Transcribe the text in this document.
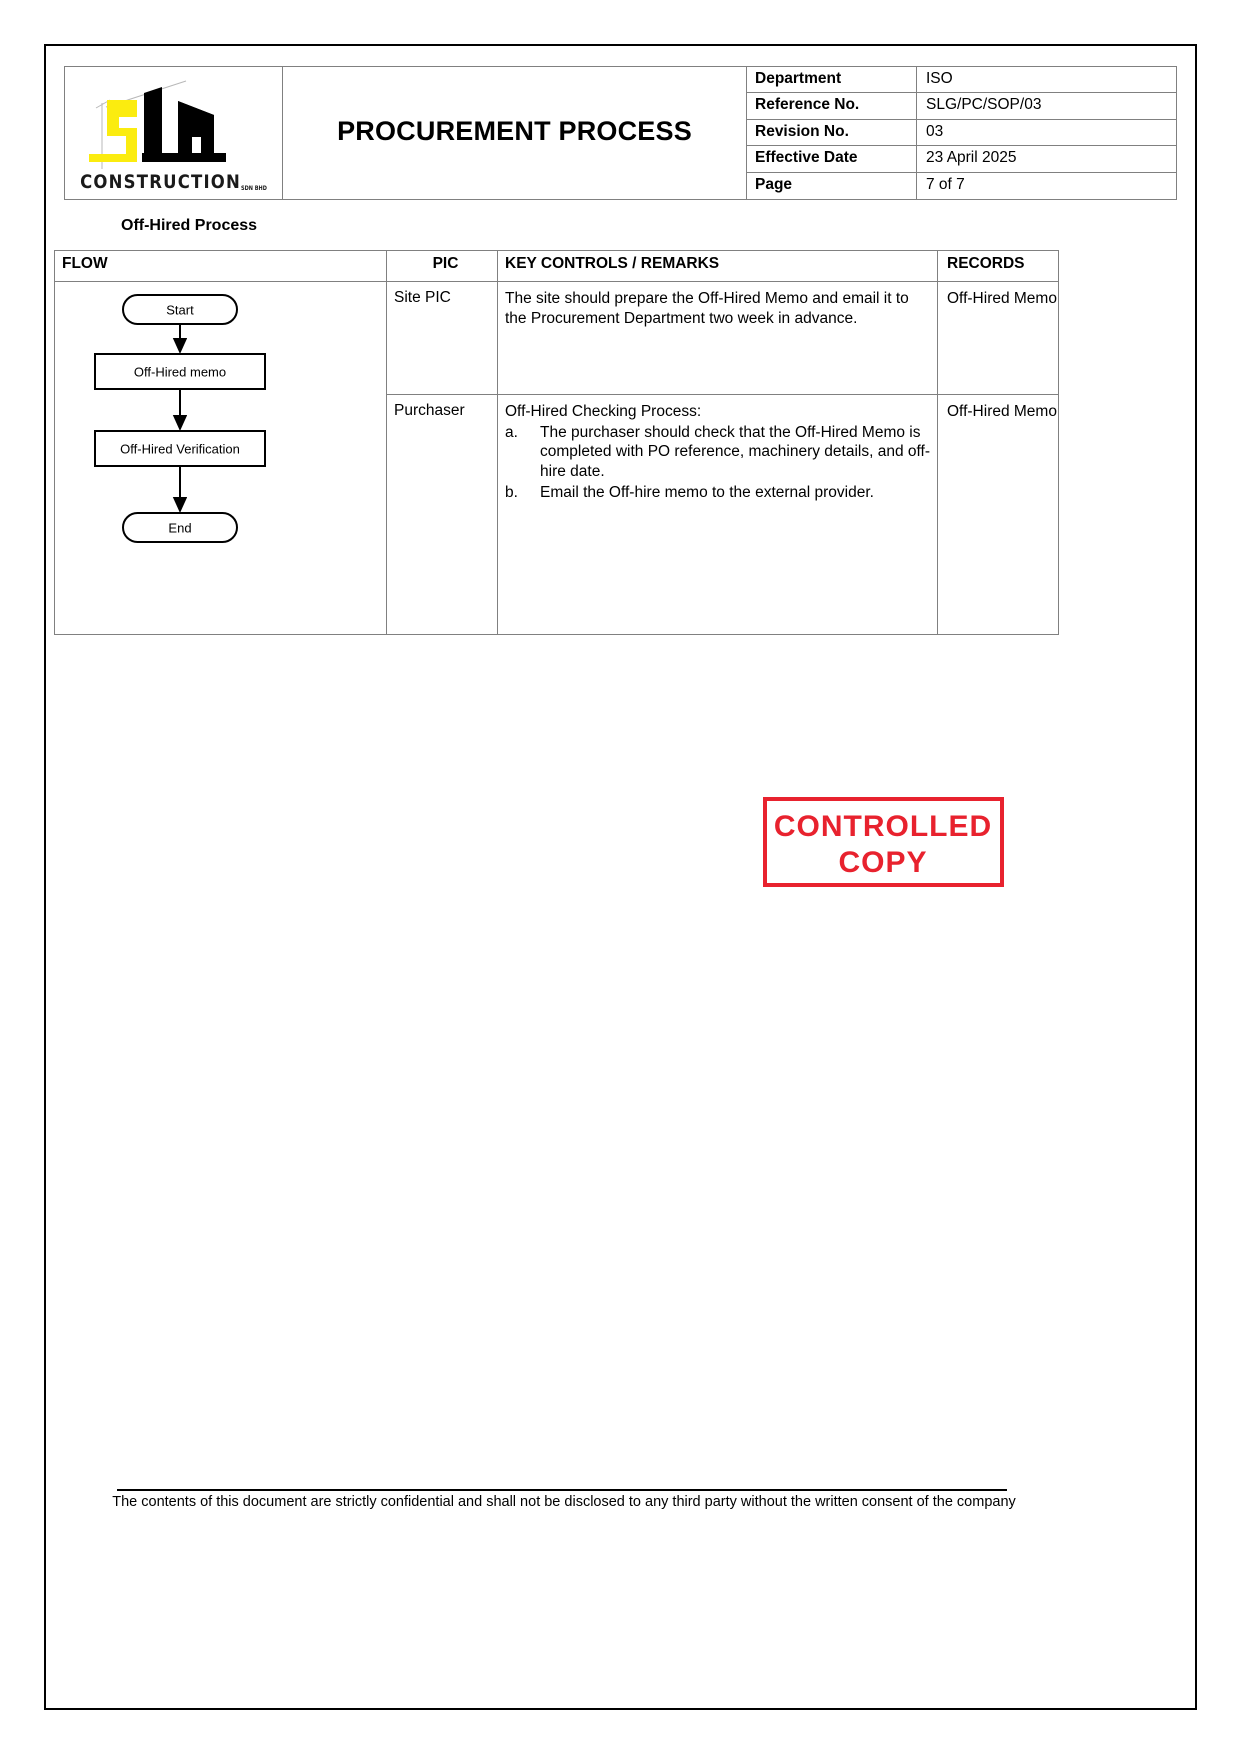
$CONSTRUCTION^{SDN BHD}$
PROCUREMENT PROCESS
Department	ISO
Reference No.	SLG/PC/SOP/03
Revision No.	03
Effective Date	23 April 2025
Page	7 of 7
Off-Hired Process
FLOW	PIC	KEY CONTROLS / REMARKS	RECORDS

Start
Off-Hired memo
Off-Hired Verification
End	Site PIC	The site should prepare the Off-Hired Memo and email it to the Procurement Department two week in advance.	Off-Hired Memo
Purchaser	Off-Hired Checking Process:

a.	The purchaser should check that the Off-Hired Memo is completed with PO reference, machinery details, and off-hire date.
b.	Email the Off-hire memo to the external provider.
	Off-Hired Memo
CONTROLLED
COPY
The contents of this document are strictly confidential and shall not be disclosed to any third party without the written consent of the company
